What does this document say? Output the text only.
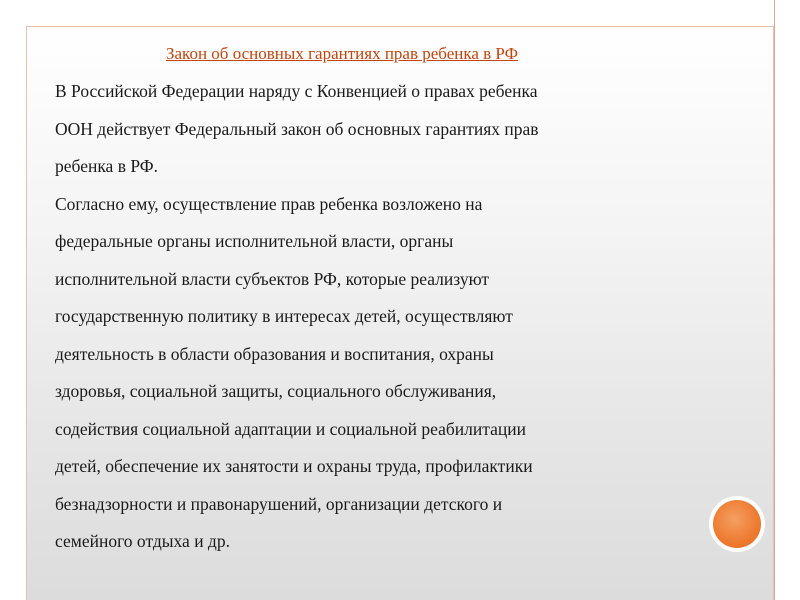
Закон об основных гарантиях прав ребенка в РФ
В Российской Федерации наряду с Конвенцией о правах ребенка
ООН действует Федеральный закон об основных гарантиях прав
ребенка в РФ.
Согласно ему, осуществление прав ребенка возложено на
федеральные органы исполнительной власти, органы
исполнительной власти субъектов РФ, которые реализуют
государственную политику в интересах детей, осуществляют
деятельность в области образования и воспитания, охраны
здоровья, социальной защиты, социального обслуживания,
содействия социальной адаптации и социальной реабилитации
детей, обеспечение их занятости и охраны труда, профилактики
безнадзорности и правонарушений, организации детского и
семейного отдыха и др.
